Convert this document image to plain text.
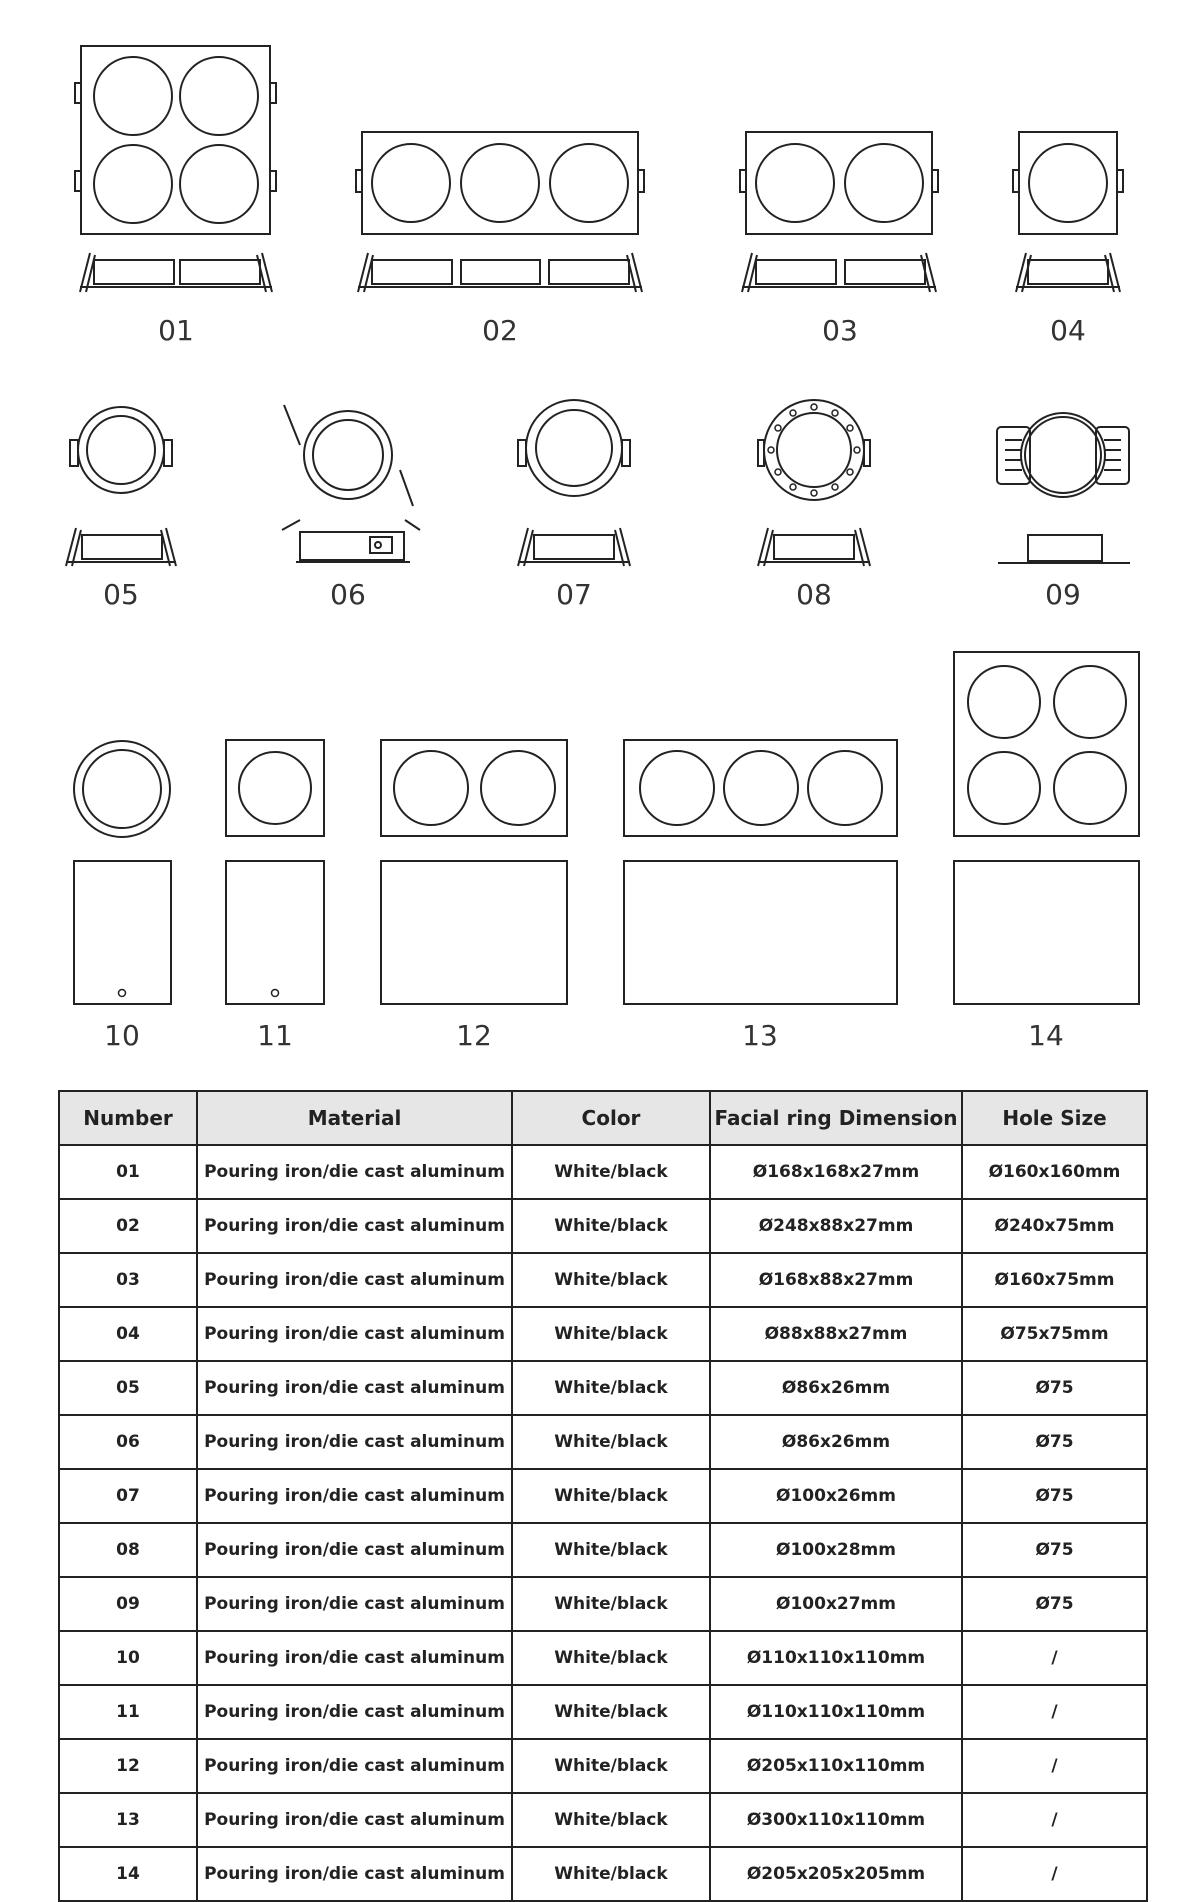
01	02	03	04
05	06	07	08	09
10	11	12	13	14
Number	Material	Color	Facial ring Dimension	Hole Size
01	Pouring iron/die cast aluminum	White/black	Ø168x168x27mm	Ø160x160mm
02	Pouring iron/die cast aluminum	White/black	Ø248x88x27mm	Ø240x75mm
03	Pouring iron/die cast aluminum	White/black	Ø168x88x27mm	Ø160x75mm
04	Pouring iron/die cast aluminum	White/black	Ø88x88x27mm	Ø75x75mm
05	Pouring iron/die cast aluminum	White/black	Ø86x26mm	Ø75
06	Pouring iron/die cast aluminum	White/black	Ø86x26mm	Ø75
07	Pouring iron/die cast aluminum	White/black	Ø100x26mm	Ø75
08	Pouring iron/die cast aluminum	White/black	Ø100x28mm	Ø75
09	Pouring iron/die cast aluminum	White/black	Ø100x27mm	Ø75
10	Pouring iron/die cast aluminum	White/black	Ø110x110x110mm	/
11	Pouring iron/die cast aluminum	White/black	Ø110x110x110mm	/
12	Pouring iron/die cast aluminum	White/black	Ø205x110x110mm	/
13	Pouring iron/die cast aluminum	White/black	Ø300x110x110mm	/
14	Pouring iron/die cast aluminum	White/black	Ø205x205x205mm	/
